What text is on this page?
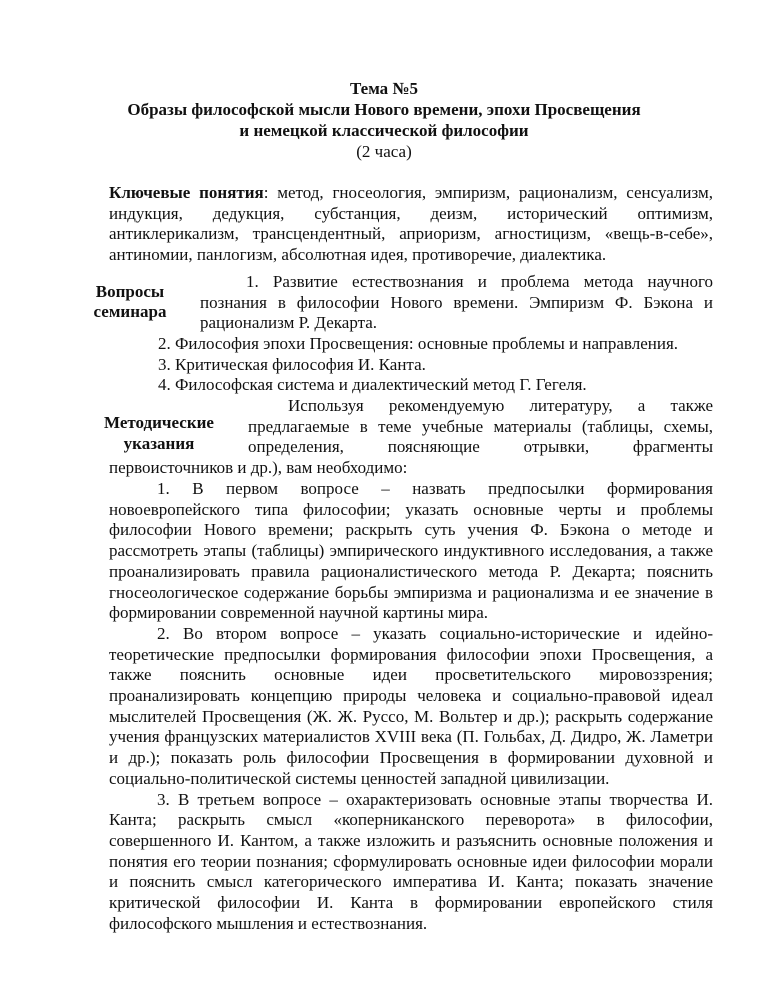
Тема №5
Образы философской мысли Нового времени, эпохи Просвещения
и немецкой классической философии
(2 часа)
Ключевые понятия: метод, гносеология, эмпиризм, рационализм, сенсуализм, индукция, дедукция, субстанция, деизм, исторический оптимизм, антиклерикализм, трансцендентный, априоризм, агностицизм, «вещь-в-себе», антиномии, панлогизм, абсолютная идея, противоречие, диалектика.
Вопросы
семинара
1. Развитие естествознания и проблема метода научного познания в философии Нового времени. Эмпиризм Ф. Бэкона и рационализм Р. Декарта.
2. Философия эпохи Просвещения: основные проблемы и направления.
3. Критическая философия И. Канта.
4. Философская система и диалектический метод Г. Гегеля.
Методические
указания
Используя рекомендуемую литературу, а также предлагаемые в теме учебные материалы (таблицы, схемы, определения, поясняющие отрывки, фрагменты
первоисточников и др.), вам необходимо:

1. В первом вопросе – назвать предпосылки формирования новоевропейского типа философии; указать основные черты и проблемы философии Нового времени; раскрыть суть учения Ф. Бэкона о методе и рассмотреть этапы (таблицы) эмпирического индуктивного исследования, а также проанализировать правила рационалистического метода Р. Декарта; пояснить гносеологическое содержание борьбы эмпиризма и рационализма и ее значение в формировании современной научной картины мира.

2. Во втором вопросе – указать социально-исторические и идейно-теоретические предпосылки формирования философии эпохи Просвещения, а также пояснить основные идеи просветительского мировоззрения; проанализировать концепцию природы человека и социально-правовой идеал мыслителей Просвещения (Ж. Ж. Руссо, М. Вольтер и др.); раскрыть содержание учения французских материалистов XVIII века (П. Гольбах, Д. Дидро, Ж. Ламетри и др.); показать роль философии Просвещения в формировании духовной и социально-политической системы ценностей западной цивилизации.

3. В третьем вопросе – охарактеризовать основные этапы творчества И. Канта; раскрыть смысл «коперниканского переворота» в философии, совершенного И. Кантом, а также изложить и разъяснить основные положения и понятия его теории познания; сформулировать основные идеи философии морали и пояснить смысл категорического императива И. Канта; показать значение критической философии И. Канта в формировании европейского стиля философского мышления и естествознания.
